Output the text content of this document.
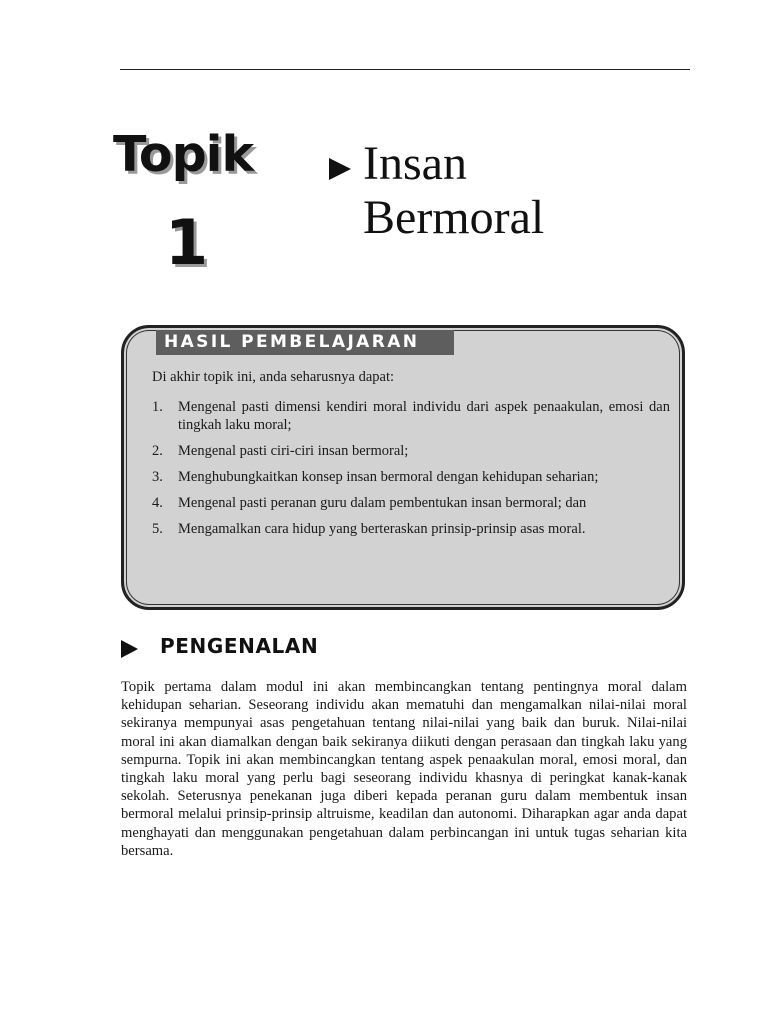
Topik
1
Insan
Bermoral
HASIL PEMBELAJARAN
Di akhir topik ini, anda seharusnya dapat:
1. Mengenal pasti dimensi kendiri moral individu dari aspek penaakulan, emosi dan tingkah laku moral;
2. Mengenal pasti ciri-ciri insan bermoral;
3. Menghubungkaitkan konsep insan bermoral dengan kehidupan seharian;
4. Mengenal pasti peranan guru dalam pembentukan insan bermoral; dan
5. Mengamalkan cara hidup yang berteraskan prinsip-prinsip asas moral.
PENGENALAN

Topik pertama dalam modul ini akan membincangkan tentang pentingnya moral dalam kehidupan seharian. Seseorang individu akan mematuhi dan mengamalkan nilai-nilai moral sekiranya mempunyai asas pengetahuan tentang nilai-nilai yang baik dan buruk. Nilai-nilai moral ini akan diamalkan dengan baik sekiranya diikuti dengan perasaan dan tingkah laku yang sempurna. Topik ini akan membincangkan tentang aspek penaakulan moral, emosi moral, dan tingkah laku moral yang perlu bagi seseorang individu khasnya di peringkat kanak-kanak sekolah. Seterusnya penekanan juga diberi kepada peranan guru dalam membentuk insan bermoral melalui prinsip-prinsip altruisme, keadilan dan autonomi. Diharapkan agar anda dapat menghayati dan menggunakan pengetahuan dalam perbincangan ini untuk tugas seharian kita bersama.
